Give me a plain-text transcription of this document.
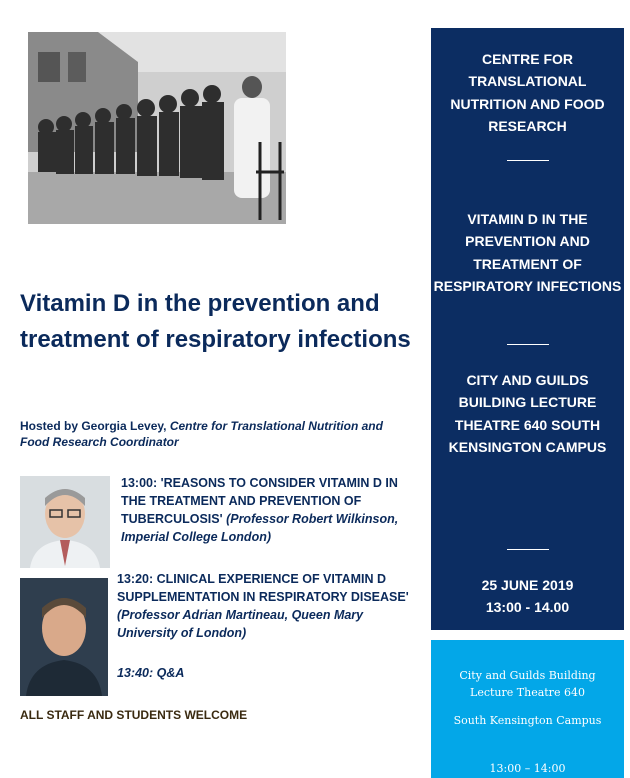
Vitamin D in the prevention and treatment of respiratory infections
Hosted by Georgia Levey, Centre for Translational Nutrition and Food Research Coordinator
13:00: 'REASONS TO CONSIDER VITAMIN D IN THE TREATMENT AND PREVENTION OF TUBERCULOSIS' (Professor Robert Wilkinson, Imperial College London)
13:20: CLINICAL EXPERIENCE OF VITAMIN D SUPPLEMENTATION IN RESPIRATORY DISEASE' (Professor Adrian Martineau, Queen Mary University of London)
13:40: Q&A
ALL STAFF AND STUDENTS WELCOME
CENTRE FOR TRANSLATIONAL NUTRITION AND FOOD RESEARCH
VITAMIN D IN THE PREVENTION AND TREATMENT OF RESPIRATORY INFECTIONS
CITY AND GUILDS BUILDING LECTURE THEATRE 640 SOUTH KENSINGTON CAMPUS
25 JUNE 2019
13:00 - 14.00
City and Guilds Building
Lecture Theatre 640
South Kensington Campus
13:00 – 14:00
